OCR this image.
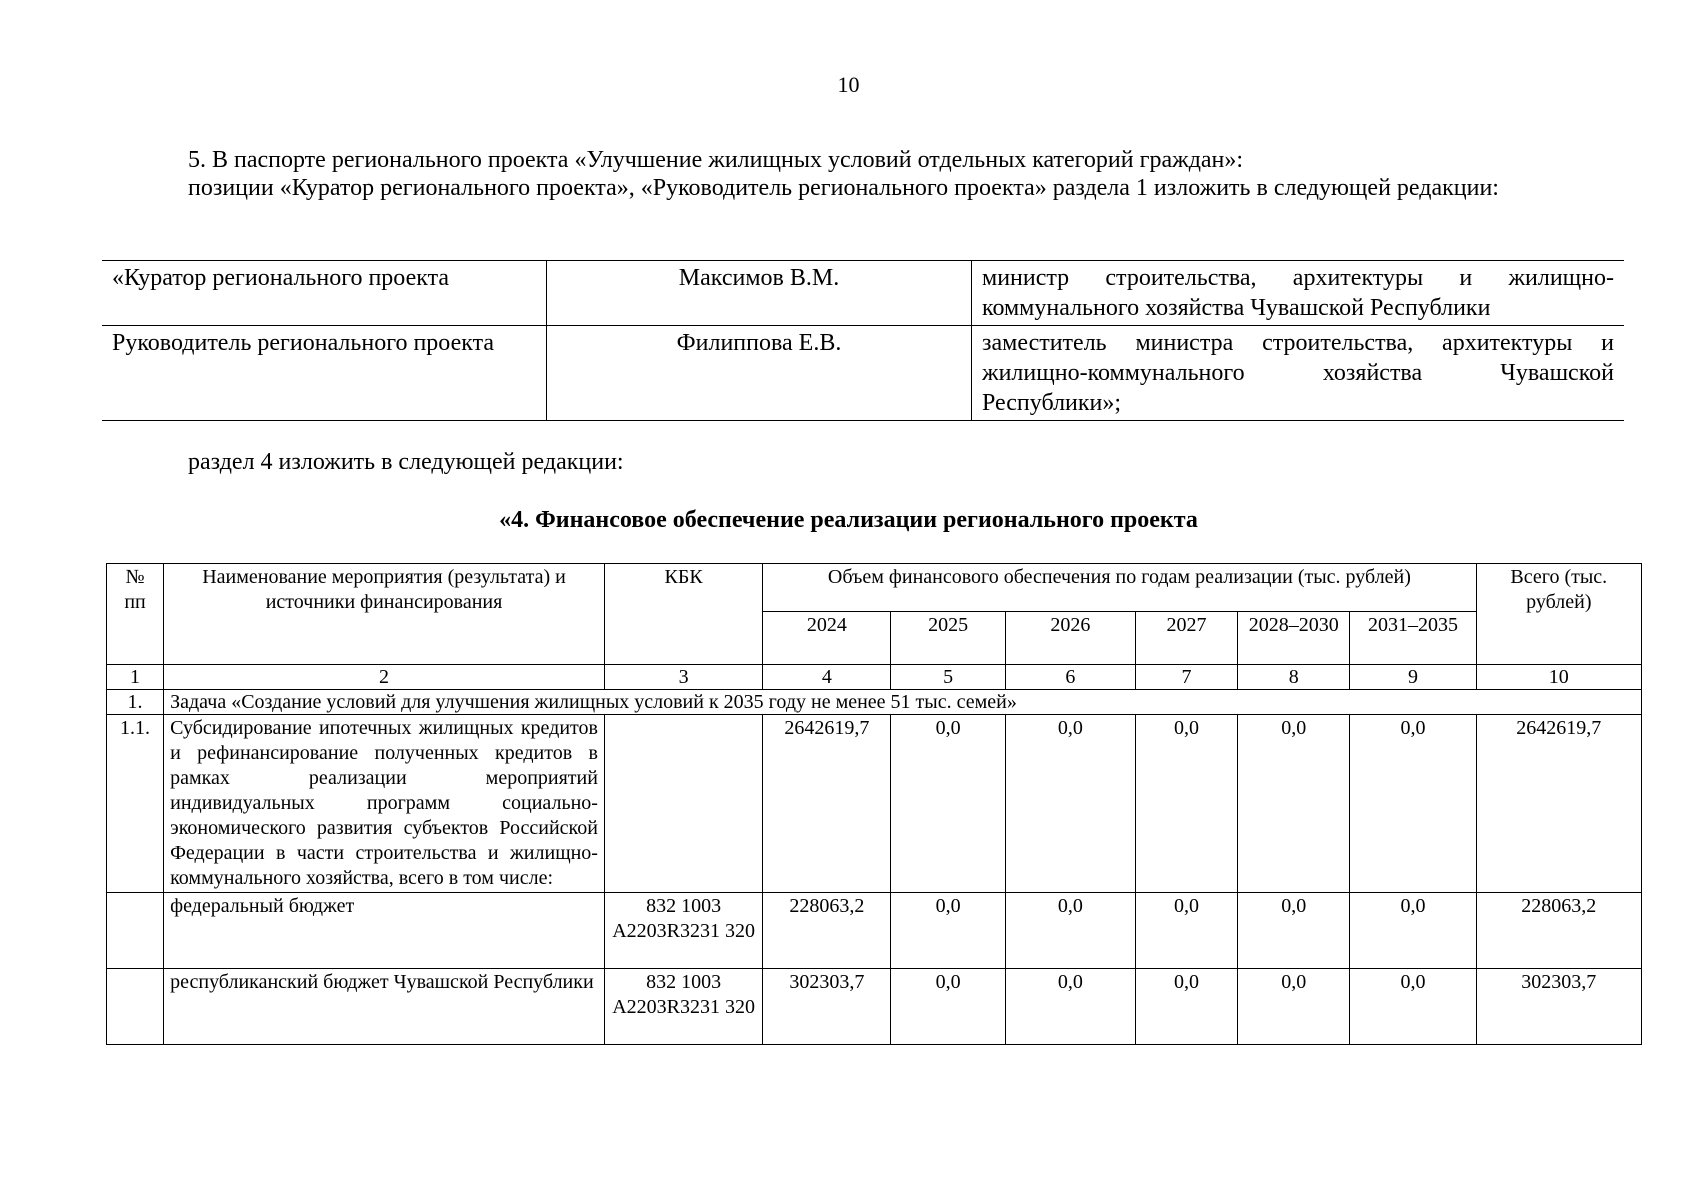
10
5. В паспорте регионального проекта «Улучшение жилищных условий отдельных категорий граждан»:
позиции «Куратор регионального проекта», «Руководитель регионального проекта» раздела 1 изложить в следующей редакции:
«Куратор регионального проекта	Максимов В.М.	министр строительства, архитектуры и жилищно-коммунального хозяйства Чувашской Республики
Руководитель регионального проекта	Филиппова Е.В.	заместитель министра строительства, архитектуры и жилищно-коммунального хозяйства Чувашской Республики»;
раздел 4 изложить в следующей редакции:
«4. Финансовое обеспечение реализации регионального проекта
№ пп	Наименование мероприятия (результата) и источники финансирования	КБК	Объем финансового обеспечения по годам реализации (тыс. рублей)						Всего (тыс. рублей)
			2024	2025	2026	2027	2028–2030	2031–2035	
1	2	3	4	5	6	7	8	9	10
1.	Задача «Создание условий для улучшения жилищных условий к 2035 году не менее 51 тыс. семей»								
1.1.	Субсидирование ипотечных жилищных кредитов и рефинансирование полученных кредитов в рамках реализации мероприятий индивидуальных программ социально-экономического развития субъектов Российской Федерации в части строительства и жилищно-коммунального хозяйства, всего в том числе:		2642619,7	0,0	0,0	0,0	0,0	0,0	2642619,7
	федеральный бюджет	832 1003 А2203R3231 320	228063,2	0,0	0,0	0,0	0,0	0,0	228063,2
	республиканский бюджет Чувашской Республики	832 1003 А2203R3231 320	302303,7	0,0	0,0	0,0	0,0	0,0	302303,7
